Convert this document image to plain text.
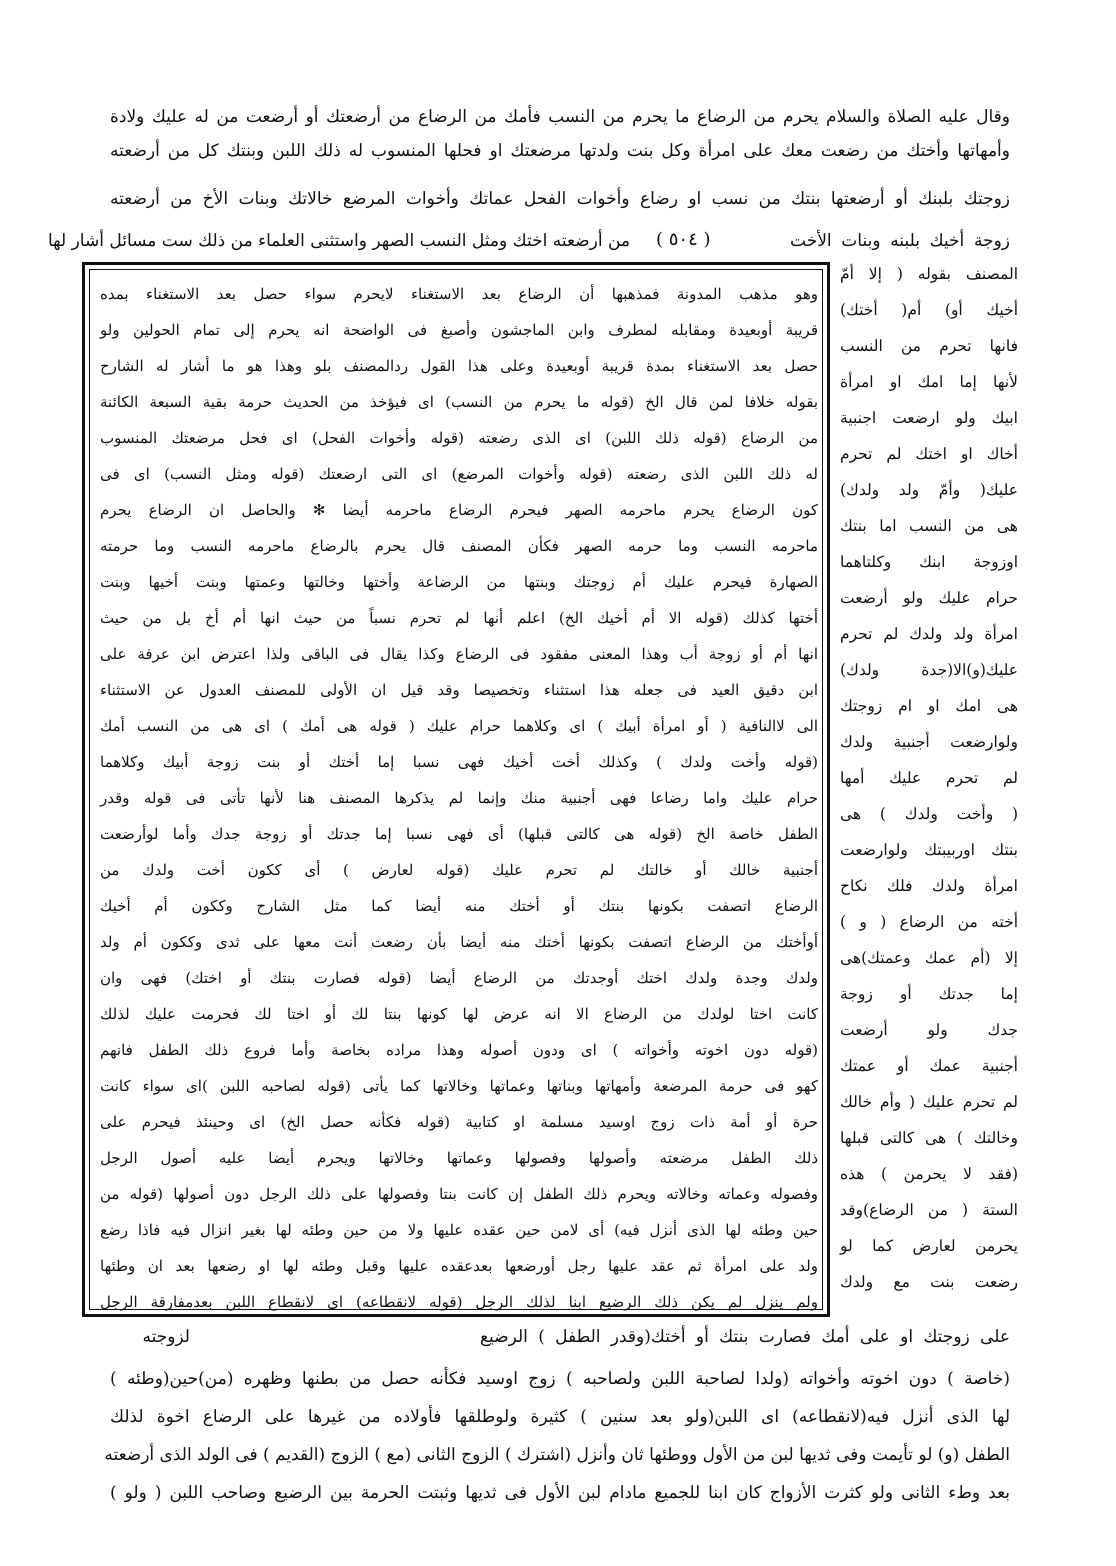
وقال عليه الصلاة والسلام يحرم من الرضاع ما يحرم من النسب فأمك من الرضاع من أرضعتك أو أرضعت من له عليك ولادة
وأمهاتها وأختك من رضعت معك على امرأة وكل بنت ولدتها مرضعتك او فحلها المنسوب له ذلك اللبن وبنتك كل من أرضعته
زوجتك بلبنك أو أرضعتها بنتك من نسب او رضاع وأخوات الفحل عماتك وأخوات المرضع خالاتك وبنات الأخ من أرضعته
زوجة أخيك بلبنه وبنات الأخت
( ٥٠٤ )
من أرضعته اختك ومثل النسب الصهر واستثنى العلماء من ذلك ست مسائل أشار لها
وهو مذهب المدونة فمذهبها أن الرضاع بعد الاستغناء لايحرم سواء حصل بعد الاستغناء بمده
قريبة أوبعيدة ومقابله لمطرف وابن الماجشون وأصبغ فى الواضحة انه يحرم إلى تمام الحولين ولو
حصل بعد الاستغناء بمدة قريبة أوبعيدة وعلى هذا القول ردالمصنف بلو وهذا هو ما أشار له الشارح
بقوله خلافا لمن قال الخ (قوله ما يحرم من النسب) اى فيؤخذ من الحديث حرمة بقية السبعة الكائنة
من الرضاع (قوله ذلك اللبن) اى الذى رضعته (قوله وأخوات الفحل) اى فحل مرضعتك المنسوب
له ذلك اللبن الذى رضعته (قوله وأخوات المرضع) اى التى ارضعتك (قوله ومثل النسب) اى فى
كون الرضاع يحرم ماحرمه الصهر فيحرم الرضاع ماحرمه أيضا ✻ والحاصل ان الرضاع يحرم
ماحرمه النسب وما حرمه الصهر فكأن المصنف قال يحرم بالرضاع ماحرمه النسب وما حرمته
الصهارة فيحرم عليك أم زوجتك وبنتها من الرضاعة وأختها وخالتها وعمتها وبنت أخيها وبنت
أختها كذلك (قوله الا أم أخيك الخ) اعلم أنها لم تحرم نسباً من حيث انها أم أخ بل من حيث
انها أم أو زوجة أب وهذا المعنى مفقود فى الرضاع وكذا يقال فى الباقى ولذا اعترض ابن عرفة على
ابن دقيق العيد فى جعله هذا استثناء وتخصيصا وقد قيل ان الأولى للمصنف العدول عن الاستثناء
الى لاالنافية ( أو امرأة أبيك ) اى وكلاهما حرام عليك ( قوله هى أمك ) اى هى من النسب أمك
(قوله وأخت ولدك ) وكذلك أخت أخيك فهى نسبا إما أختك أو بنت زوجة أبيك وكلاهما
حرام عليك واما رضاعا فهى أجنبية منك وإنما لم يذكرها المصنف هنا لأنها تأتى فى قوله وقدر
الطفل خاصة الخ (قوله هى كالتى قبلها) أى فهى نسبا إما جدتك أو زوجة جدك وأما لوأرضعت
أجنبية خالك أو خالتك لم تحرم عليك (قوله لعارض ) أى ككون أخت ولدك من
الرضاع اتصفت بكونها بنتك أو أختك منه أيضا كما مثل الشارح وككون أم أخيك
أوأختك من الرضاع اتصفت بكونها أختك منه أيضا بأن رضعت أنت معها على ثدى وككون أم ولد
ولدك وجدة ولدك اختك أوجدتك من الرضاع أيضا (قوله فصارت بنتك أو اختك) فهى وان
كانت اختا لولدك من الرضاع الا انه عرض لها كونها بنتا لك أو اختا لك فحرمت عليك لذلك
(قوله دون اخوته وأخواته ) اى ودون أصوله وهذا مراده بخاصة وأما فروع ذلك الطفل فانهم
كهو فى حرمة المرضعة وأمهاتها وبناتها وعماتها وخالاتها كما يأتى (قوله لصاحبه اللبن )اى سواء كانت
حرة أو أمة ذات زوج اوسيد مسلمة او كتابية (قوله فكأنه حصل الخ) اى وحينئذ فيحرم على
ذلك الطفل مرضعته وأصولها وفصولها وعماتها وخالاتها ويحرم أيضا عليه أصول الرجل
وفصوله وعماته وخالاته ويحرم ذلك الطفل إن كانت بنتا وفصولها على ذلك الرجل دون أصولها (قوله من
حين وطئه لها الذى أنزل فيه) أى لامن حين عقده عليها ولا من حين وطئه لها بغير انزال فيه فاذا رضع
ولد على امرأة ثم عقد عليها رجل أورضعها بعدعقده عليها وقبل وطئه لها او رضعها بعد ان وطئها
ولم ينزل لم يكن ذلك الرضيع ابنا لذلك الرجل (قوله لانقطاعه) اى لانقطاع اللبن بعدمفارقة الرجل
المصنف بقوله ( إلا أمّ
أخيك أو) أم( أختك)
فانها تحرم من النسب
لأنها إما امك او امرأة
ابيك ولو ارضعت اجنبية
أخاك او اختك لم تحرم
عليك( وأمّ ولد ولدك)
هى من النسب اما بنتك
اوزوجة ابنك وكلتاهما
حرام عليك ولو أرضعت
امرأة ولد ولدك لم تحرم
عليك(و)الا(جدة ولدك)
هى امك او ام زوجتك
ولوارضعت أجنبية ولدك
لم تحرم عليك أمها
( وأخت ولدك ) هى
بنتك اوربيبتك ولوارضعت
امرأة ولدك فلك نكاح
أخته من الرضاع ( و )
إلا (أم عمك وعمتك)هى
إما جدتك أو زوجة
جدك ولو أرضعت
أجنبية عمك أو عمتك
لم تحرم عليك ( وأم خالك
وخالتك ) هى كالتى قبلها
(فقد لا يحرمن ) هذه
الستة ( من الرضاع)وقد
يحرمن لعارض كما لو
رضعت بنت مع ولدك
على زوجتك او على أمك فصارت بنتك أو أختك(وقدر الطفل ) الرضيع
لزوجته
(خاصة ) دون اخوته وأخواته (ولدا لصاحبة اللبن ولصاحبه ) زوج اوسيد فكأنه حصل من بطنها وظهره (من)حين(وطئه )
لها الذى أنزل فيه(لانقطاعه) اى اللبن(ولو بعد سنين ) كثيرة ولوطلقها فأولاده من غيرها على الرضاع اخوة لذلك
الطفل (و) لو تأيمت وفى ثديها لبن من الأول ووطئها ثان وأنزل (اشترك ) الزوج الثانى (مع ) الزوج (القديم ) فى الولد الذى أرضعته
بعد وطء الثانى ولو كثرت الأزواج كان ابنا للجميع مادام لبن الأول فى ثديها وثبتت الحرمة بين الرضيع وصاحب اللبن ( ولو )
